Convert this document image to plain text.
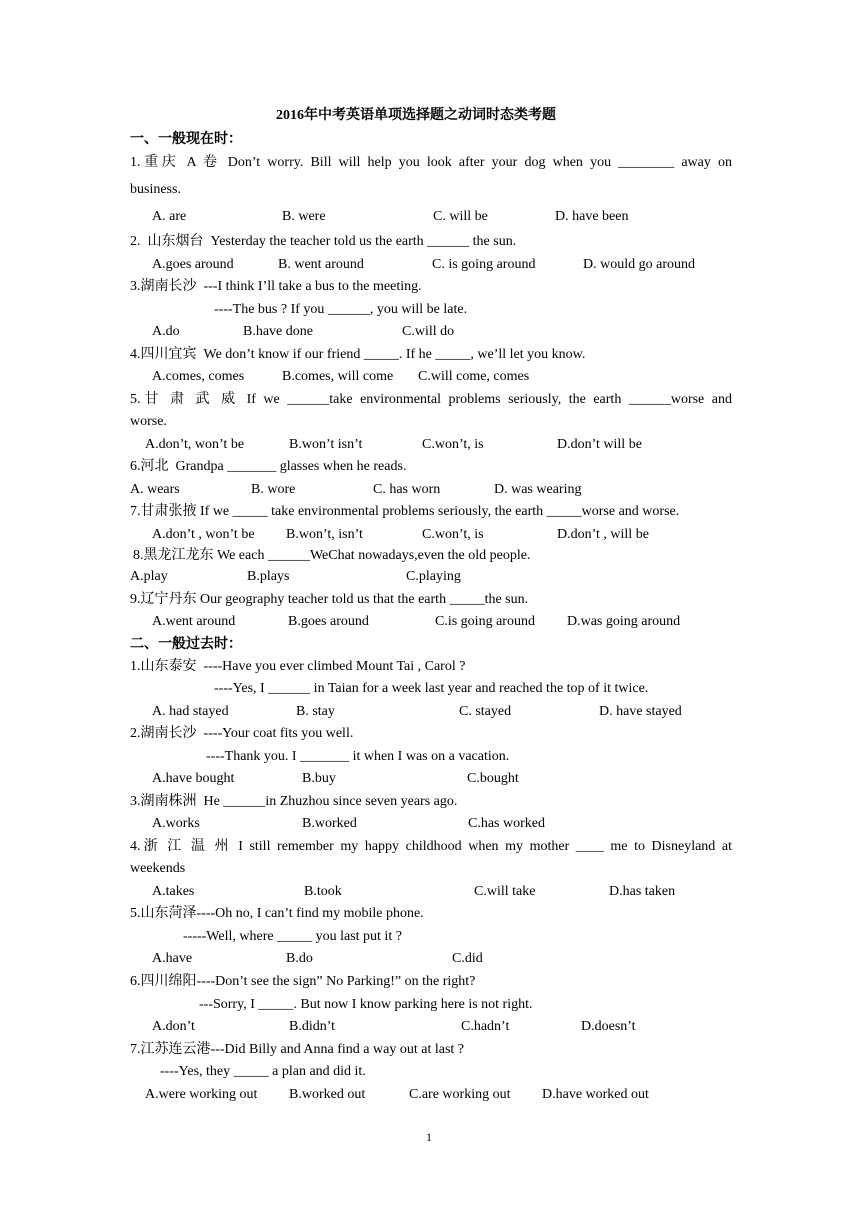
2016年中考英语单项选择题之动词时态类考题
一、一般现在时：
1.重庆 A 卷 Don’t worry. Bill will help you look after your dog when you ________ away on
business.
A. are	B. were	C. will be	D. have been
2.  山东烟台  Yesterday the teacher told us the earth ______ the sun.
A.goes around	B. went around	C. is going around	D. would go around
3.湖南长沙  ---I think I’ll take a bus to the meeting.
----The bus ? If you ______, you will be late.
A.do	B.have done	C.will do
4.四川宜宾  We don’t know if our friend _____. If he _____, we’ll let you know.
A.comes, comes	B.comes, will come C.will come, comes
5.甘 肃 武 威 If we ______take environmental problems seriously, the earth ______worse and
worse.
A.don’t, won’t be	B.won’t isn’t	C.won’t, is	D.don’t will be
6.河北  Grandpa _______ glasses when he reads.
A. wears	B. wore	C. has worn	D. was wearing
7.甘肃张掖 If we _____ take environmental problems seriously, the earth _____worse and worse.
A.don’t , won’t be B.won’t, isn’t	C.won’t, is	D.don’t , will be
8.黑龙江龙东 We each ______WeChat nowadays,even the old people.
A.play	B.plays	C.playing
9.辽宁丹东 Our geography teacher told us that the earth _____the sun.
A.went around	B.goes around	C.is going around D.was going around
二、一般过去时：
1.山东泰安  ----Have you ever climbed Mount Tai , Carol ?
----Yes, I ______ in Taian for a week last year and reached the top of it twice.
A. had stayed	B. stay	C. stayed	D. have stayed
2.湖南长沙  ----Your coat fits you well.
----Thank you. I _______ it when I was on a vacation.
A.have bought	B.buy	C.bought
3.湖南株洲  He ______in Zhuzhou since seven years ago.
A.works	B.worked	C.has worked
4.浙 江 温 州 I still remember my happy childhood when my mother ____ me to Disneyland at
weekends
A.takes	B.took	C.will take	D.has taken
5.山东菏泽----Oh no, I can’t find my mobile phone.
-----Well, where _____ you last put it ?
A.have	B.do	C.did
6.四川绵阳----Don’t see the sign” No Parking!” on the right?
---Sorry, I _____. But now I know parking here is not right.
A.don’t	B.didn’t	C.hadn’t	D.doesn’t
7.江苏连云港---Did Billy and Anna find a way out at last ?
----Yes, they _____ a plan and did it.
A.were working out B.worked out	C.are working out D.have worked out
1
